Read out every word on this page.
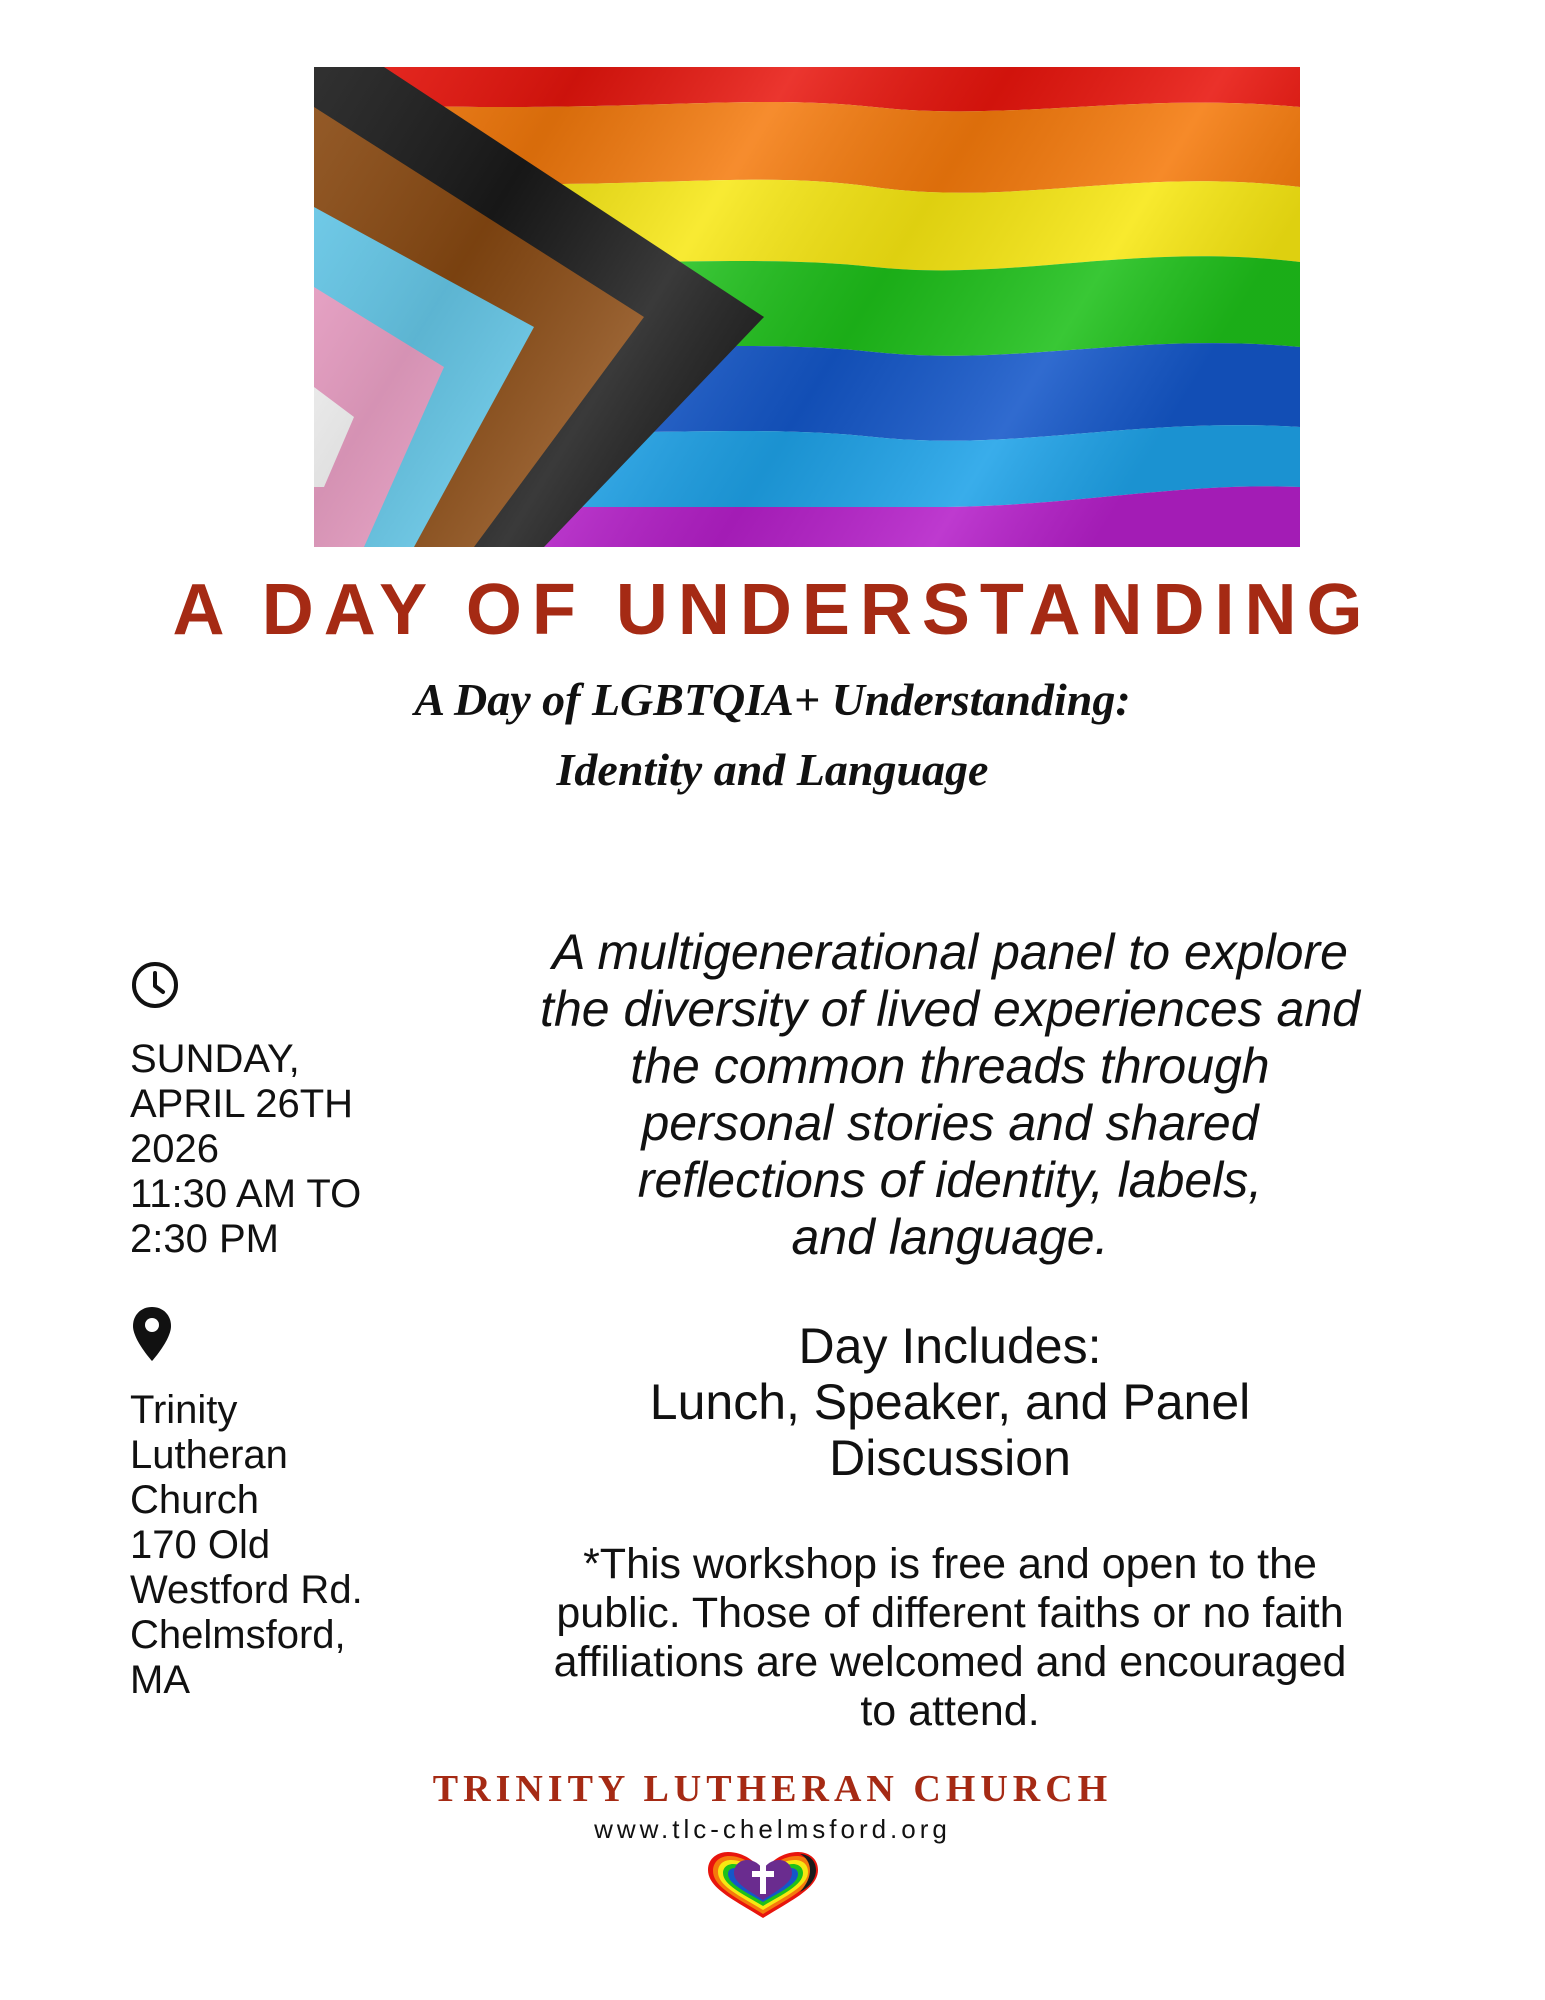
A DAY OF UNDERSTANDING
A Day of LGBTQIA+ Understanding:
Identity and Language
SUNDAY,
APRIL 26TH
2026
11:30 AM TO
2:30 PM
Trinity
Lutheran
Church
170 Old
Westford Rd.
Chelmsford,
MA
A multigenerational panel to explore
the diversity of lived experiences and
the common threads through
personal stories and shared
reflections of identity, labels,
and language.
Day Includes:
Lunch, Speaker, and Panel
Discussion
*This workshop is free and open to the
public. Those of different faiths or no faith
affiliations are welcomed and encouraged
to attend.
TRINITY LUTHERAN CHURCH
www.tlc-chelmsford.org
